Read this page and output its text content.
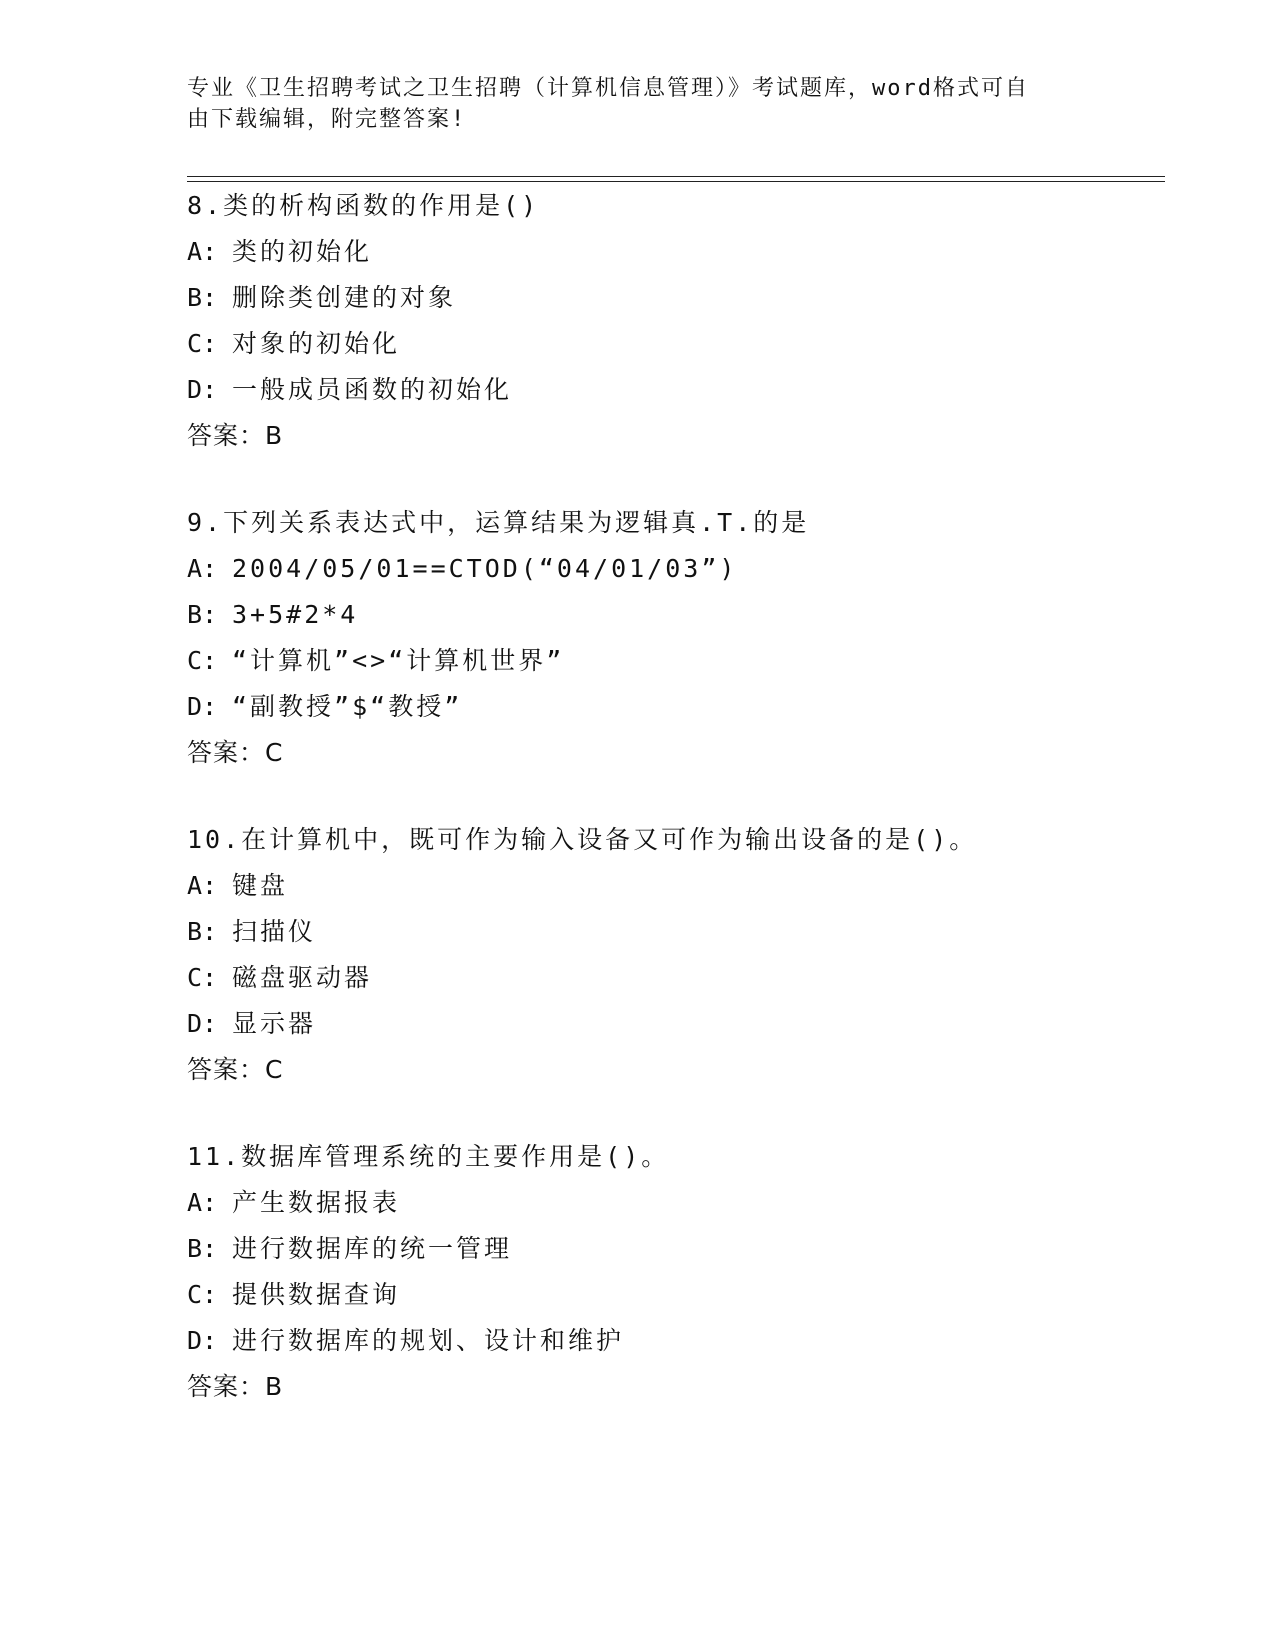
专业《卫生招聘考试之卫生招聘（计算机信息管理）》考试题库，word格式可自
由下载编辑，附完整答案!
8.类的析构函数的作用是()
A: 类的初始化
B: 删除类创建的对象
C: 对象的初始化
D: 一般成员函数的初始化
答案：B
9.下列关系表达式中，运算结果为逻辑真.T.的是
A: 2004/05/01==CTOD(“04/01/03”)
B: 3+5#2*4
C: “计算机”<>“计算机世界”
D: “副教授”$“教授”
答案：C
10.在计算机中，既可作为输入设备又可作为输出设备的是()。
A: 键盘
B: 扫描仪
C: 磁盘驱动器
D: 显示器
答案：C
11.数据库管理系统的主要作用是()。
A: 产生数据报表
B: 进行数据库的统一管理
C: 提供数据查询
D: 进行数据库的规划、设计和维护
答案：B
